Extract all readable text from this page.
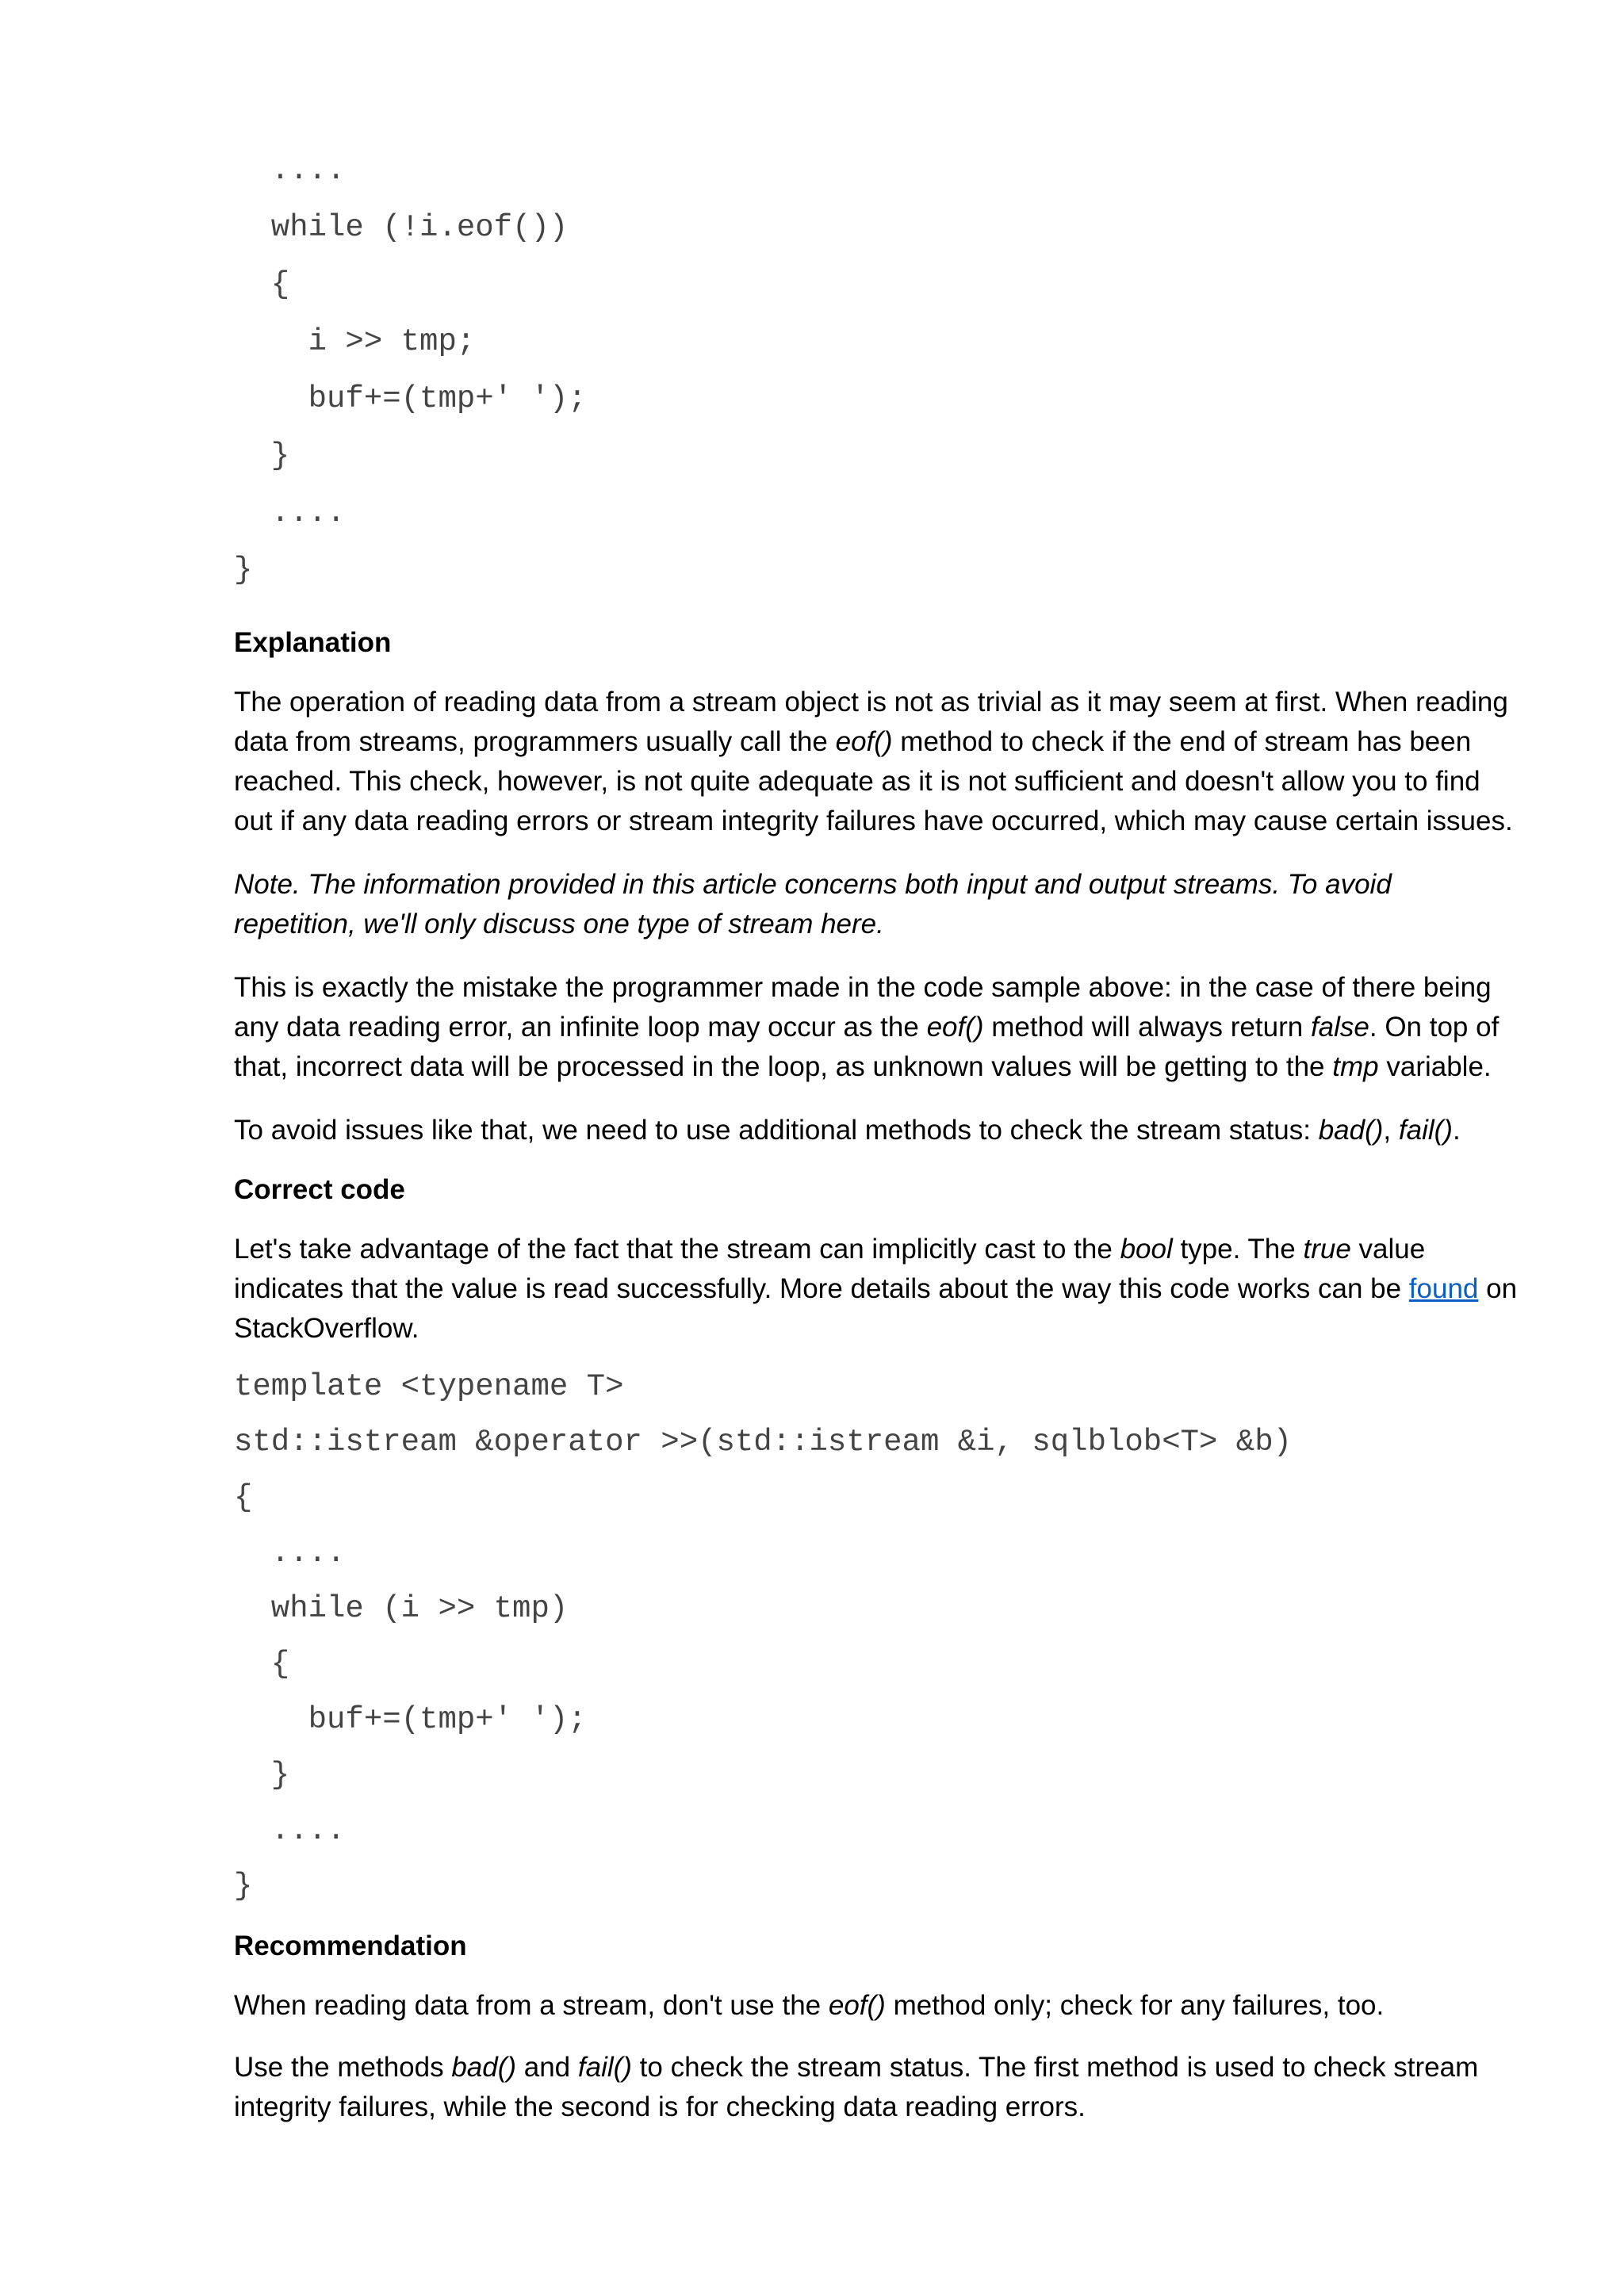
....
while (!i.eof())
{
i >> tmp;
buf+=(tmp+' ');
}
....
}
Explanation

The operation of reading data from a stream object is not as trivial as it may seem at first. When reading data from streams, programmers usually call the eof() method to check if the end of stream has been reached. This check, however, is not quite adequate as it is not sufficient and doesn't allow you to find out if any data reading errors or stream integrity failures have occurred, which may cause certain issues.

Note. The information provided in this article concerns both input and output streams. To avoid repetition, we'll only discuss one type of stream here.

This is exactly the mistake the programmer made in the code sample above: in the case of there being any data reading error, an infinite loop may occur as the eof() method will always return false. On top of that, incorrect data will be processed in the loop, as unknown values will be getting to the tmp variable.

To avoid issues like that, we need to use additional methods to check the stream status: bad(), fail().

Correct code

Let's take advantage of the fact that the stream can implicitly cast to the bool type. The true value indicates that the value is read successfully. More details about the way this code works can be found on StackOverflow.

template <typename T>
std::istream &operator >>(std::istream &i, sqlblob<T> &b)
{
....
while (i >> tmp)
{
buf+=(tmp+' ');
}
....
}
Recommendation

When reading data from a stream, don't use the eof() method only; check for any failures, too.

Use the methods bad() and fail() to check the stream status. The first method is used to check stream integrity failures, while the second is for checking data reading errors.
